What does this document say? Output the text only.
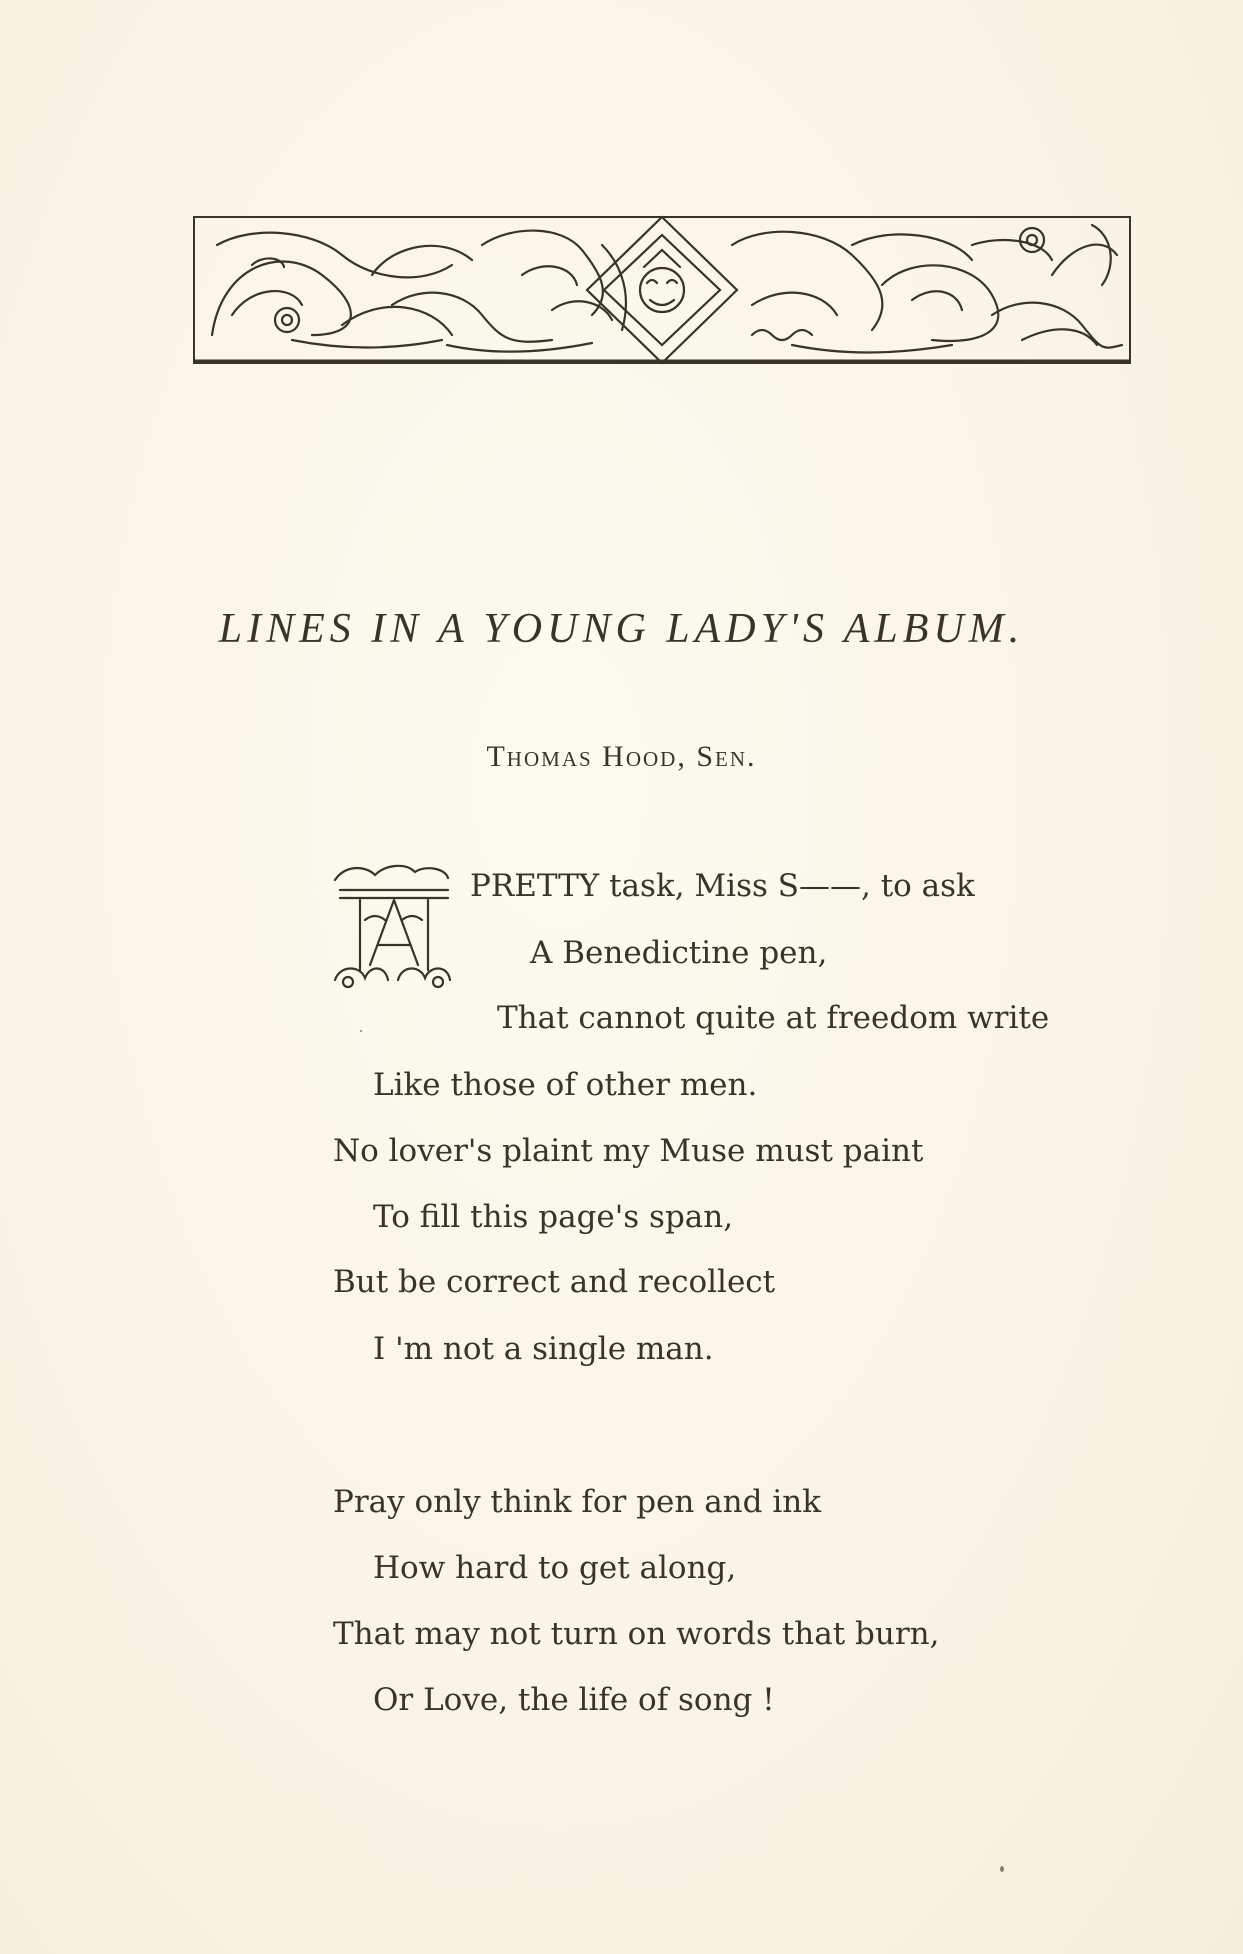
LINES IN A YOUNG LADY'S ALBUM.
Thomas Hood, Sen.
PRETTY task, Miss S——, to ask
A Benedictine pen,
That cannot quite at freedom write
Like those of other men.
No lover's plaint my Muse must paint
To fill this page's span,
But be correct and recollect
I 'm not a single man.
Pray only think for pen and ink
How hard to get along,
That may not turn on words that burn,
Or Love, the life of song !
